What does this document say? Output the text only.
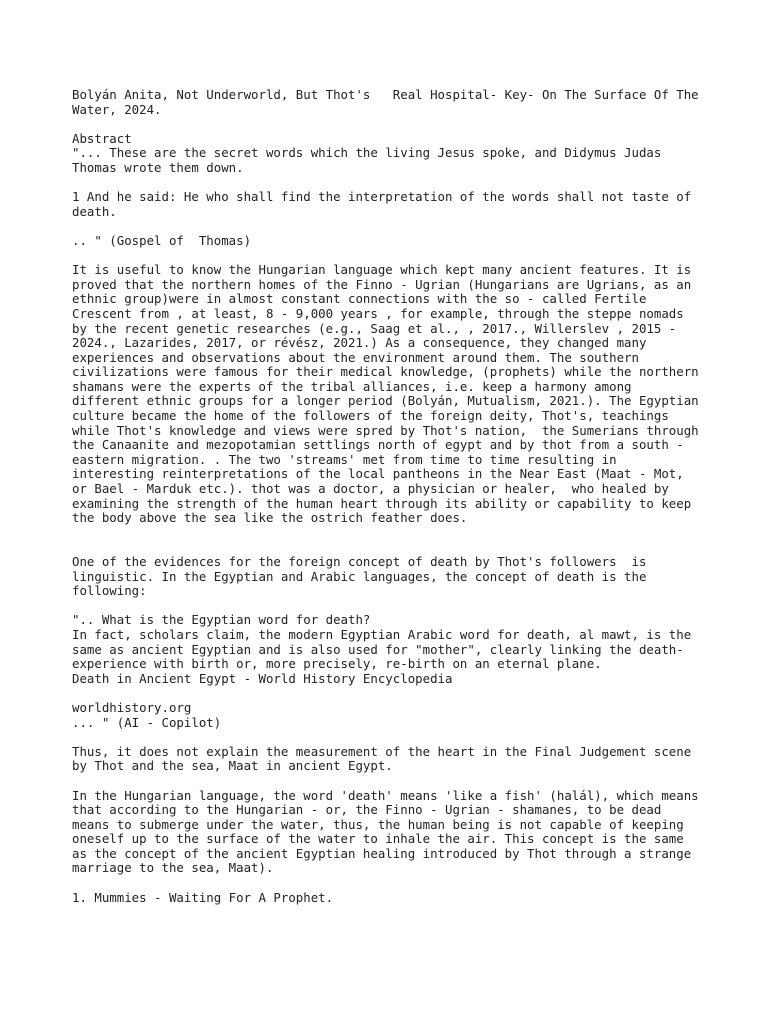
Bolyán Anita, Not Underworld, But Thot's   Real Hospital- Key- On The Surface Of The Water, 2024.

Abstract

"... These are the secret words which the living Jesus spoke, and Didymus Judas Thomas wrote them down.

1 And he said: He who shall find the interpretation of the words shall not taste of death.

.. " (Gospel of  Thomas)

It is useful to know the Hungarian language which kept many ancient features. It is proved that the northern homes of the Finno - Ugrian (Hungarians are Ugrians, as an ethnic group)were in almost constant connections with the so - called Fertile Crescent from , at least, 8 - 9,000 years , for example, through the steppe nomads by the recent genetic researches (e.g., Saag et al., , 2017., Willerslev , 2015 - 2024., Lazarides, 2017, or révész, 2021.) As a consequence, they changed many experiences and observations about the environment around them. The southern civilizations were famous for their medical knowledge, (prophets) while the northern shamans were the experts of the tribal alliances, i.e. keep a harmony among different ethnic groups for a longer period (Bolyán, Mutualism, 2021.). The Egyptian culture became the home of the followers of the foreign deity, Thot's, teachings while Thot's knowledge and views were spred by Thot's nation,  the Sumerians through the Canaanite and mezopotamian settlings north of egypt and by thot from a south - eastern migration. . The two 'streams' met from time to time resulting in interesting reinterpretations of the local pantheons in the Near East (Maat - Mot, or Bael - Marduk etc.). thot was a doctor, a physician or healer,  who healed by examining the strength of the human heart through its ability or capability to keep the body above the sea like the ostrich feather does.

One of the evidences for the foreign concept of death by Thot's followers  is linguistic. In the Egyptian and Arabic languages, the concept of death is the following:

".. What is the Egyptian word for death?

In fact, scholars claim, the modern Egyptian Arabic word for death, al mawt, is the same as ancient Egyptian and is also used for "mother", clearly linking the death-experience with birth or, more precisely, re-birth on an eternal plane.

Death in Ancient Egypt - World History Encyclopedia

worldhistory.org

... " (AI - Copilot)

Thus, it does not explain the measurement of the heart in the Final Judgement scene by Thot and the sea, Maat in ancient Egypt.

In the Hungarian language, the word 'death' means 'like a fish' (halál), which means that according to the Hungarian - or, the Finno - Ugrian - shamanes, to be dead means to submerge under the water, thus, the human being is not capable of keeping oneself up to the surface of the water to inhale the air. This concept is the same as the concept of the ancient Egyptian healing introduced by Thot through a strange marriage to the sea, Maat).

1. Mummies - Waiting For A Prophet.
